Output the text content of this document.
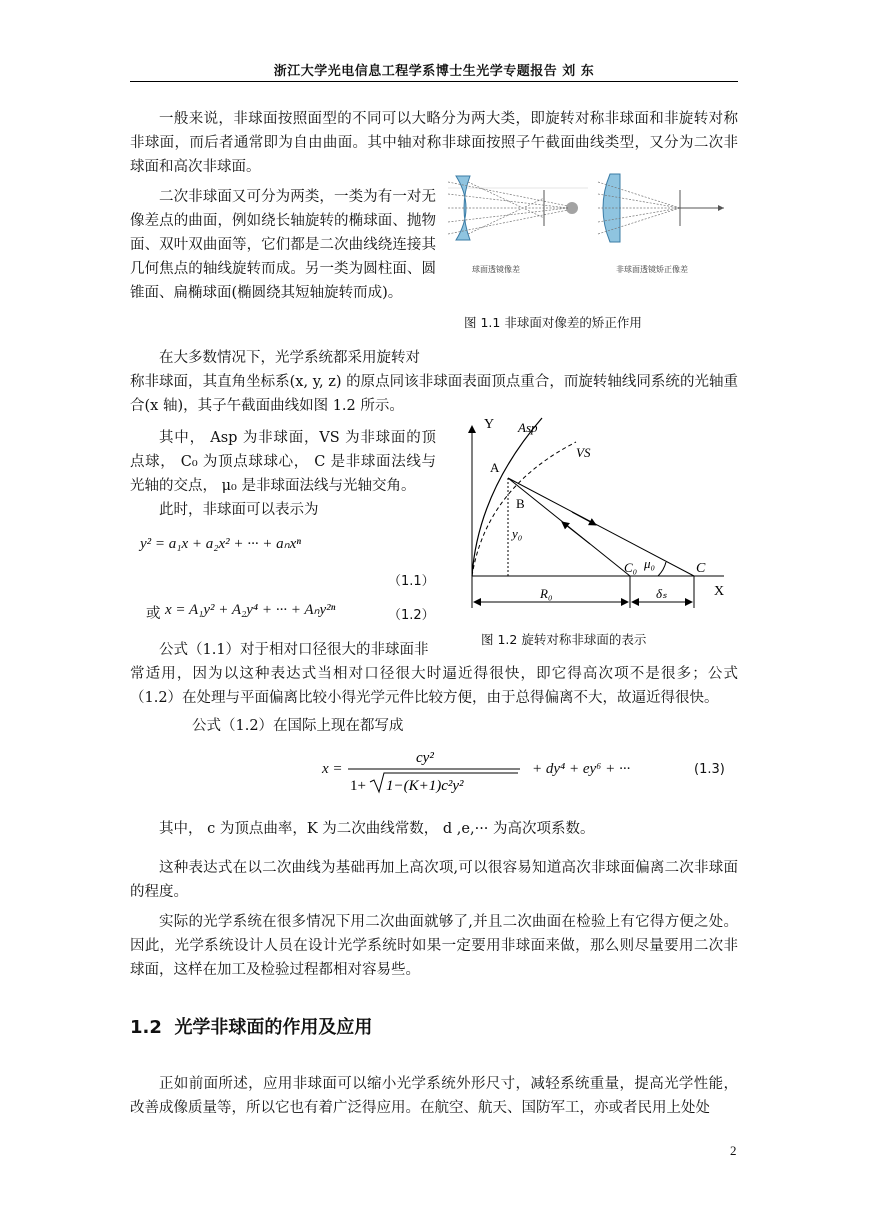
浙江大学光电信息工程学系博士生光学专题报告 刘 东
一般来说，非球面按照面型的不同可以大略分为两大类，即旋转对称非球面和非旋转对称非球面，而后者通常即为自由曲面。其中轴对称非球面按照子午截面曲线类型，又分为二次非球面和高次非球面。
二次非球面又可分为两类，一类为有一对无像差点的曲面，例如绕长轴旋转的椭球面、抛物面、双叶双曲面等，它们都是二次曲线绕连接其几何焦点的轴线旋转而成。另一类为圆柱面、圆锥面、扁椭球面(椭圆绕其短轴旋转而成)。
球面透镜像差	非球面透镜矫正像差
图 1.1 非球面对像差的矫正作用
在大多数情况下，光学系统都采用旋转对
称非球面，其直角坐标系(x, y, z) 的原点同该非球面表面顶点重合，而旋转轴线同系统的光轴重合(x 轴)，其子午截面曲线如图 1.2 所示。
其中， Asp 为非球面，VS 为非球面的顶点球， C₀ 为顶点球球心， C 是非球面法线与光轴的交点， μ₀ 是非球面法线与光轴交角。
此时，非球面可以表示为
y² = a₁x + a₂x² + ··· + aₙxⁿ
（1.1）
或 x = A₁y² + A₂y⁴ + ··· + Aₙy²ⁿ	（1.2）
Y
X
Asp
VS
A
B
y₀
C₀ μ₀	C
R₀	δₛ
图 1.2 旋转对称非球面的表示
公式（1.1）对于相对口径很大的非球面非
常适用，因为以这种表达式当相对口径很大时逼近得很快，即它得高次项不是很多；公式（1.2）在处理与平面偏离比较小得光学元件比较方便，由于总得偏离不大，故逼近得很快。
公式（1.2）在国际上现在都写成
x =
cy²
1+ 1−(K+1)c²y²
+ dy⁴ + ey⁶ + ···	(1.3)
其中， c 为顶点曲率，K 为二次曲线常数， d ,e,··· 为高次项系数。
这种表达式在以二次曲线为基础再加上高次项,可以很容易知道高次非球面偏离二次非球面的程度。
实际的光学系统在很多情况下用二次曲面就够了,并且二次曲面在检验上有它得方便之处。因此，光学系统设计人员在设计光学系统时如果一定要用非球面来做，那么则尽量要用二次非球面，这样在加工及检验过程都相对容易些。
1.2 光学非球面的作用及应用
正如前面所述，应用非球面可以缩小光学系统外形尺寸，减轻系统重量，提高光学性能，改善成像质量等，所以它也有着广泛得应用。在航空、航天、国防军工，亦或者民用上处处
2
